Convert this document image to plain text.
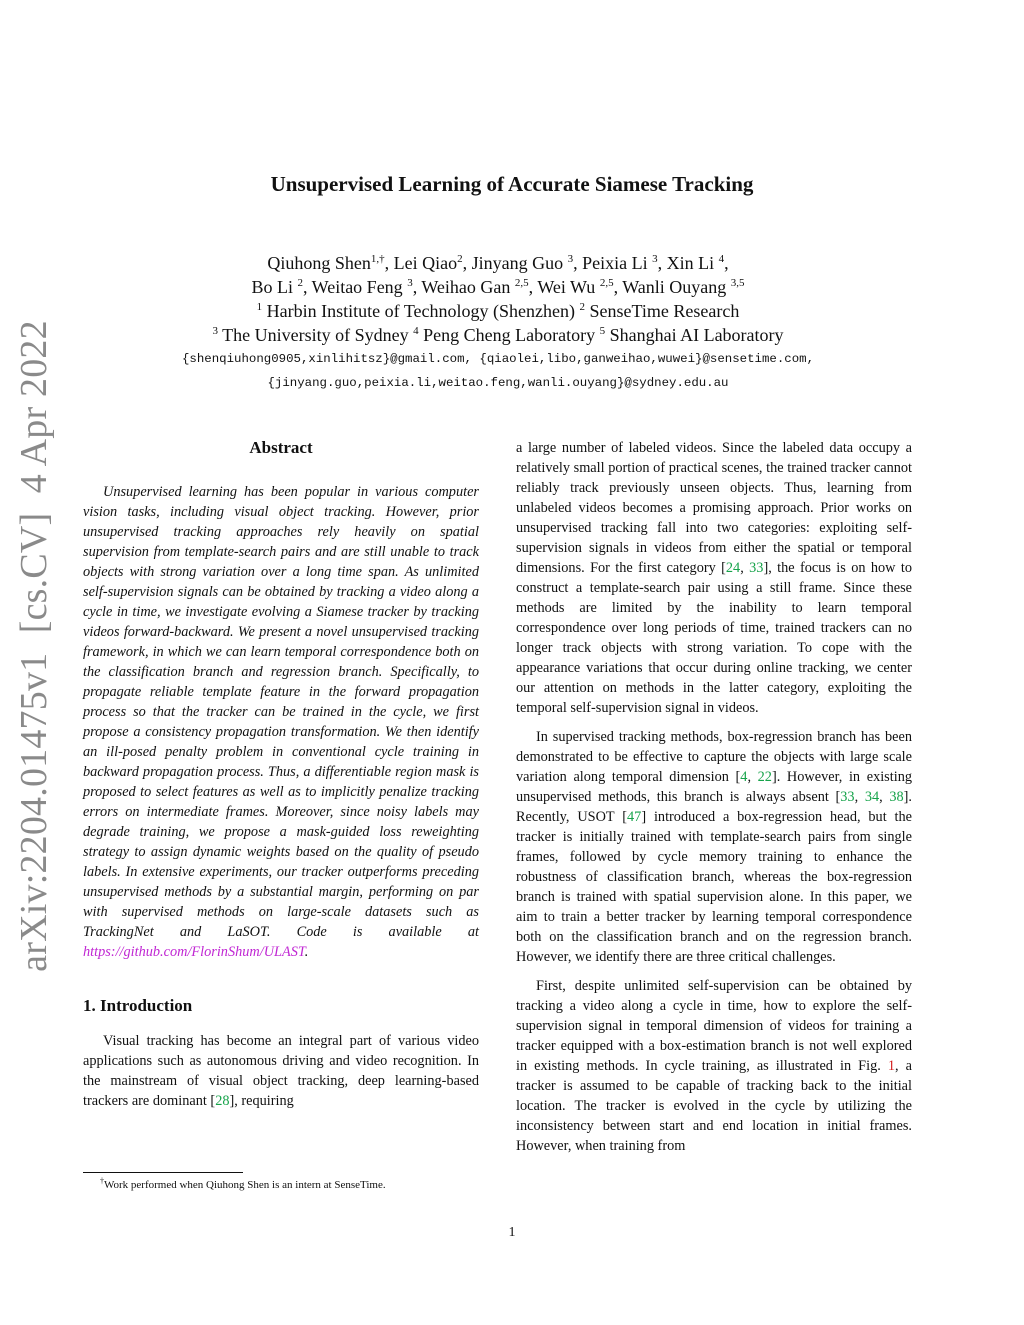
arXiv:2204.01475v1  [cs.CV]  4 Apr 2022
Unsupervised Learning of Accurate Siamese Tracking
Qiuhong Shen$^{1,\dagger}$, Lei Qiao$^2$, Jinyang Guo $^3$, Peixia Li $^3$, Xin Li $^4$,
Bo Li $^2$, Weitao Feng $^3$, Weihao Gan $^{2,5}$, Wei Wu $^{2,5}$, Wanli Ouyang $^{3,5}$
$^1$ Harbin Institute of Technology (Shenzhen) $^2$ SenseTime Research
$^3$ The University of Sydney $^4$ Peng Cheng Laboratory $^5$ Shanghai AI Laboratory
{shenqiuhong0905,xinlihitsz}@gmail.com, {qiaolei,libo,ganweihao,wuwei}@sensetime.com,
{jinyang.guo,peixia.li,weitao.feng,wanli.ouyang}@sydney.edu.au
Abstract

Unsupervised learning has been popular in various computer vision tasks, including visual object tracking. However, prior unsupervised tracking approaches rely heavily on spatial supervision from template-search pairs and are still unable to track objects with strong variation over a long time span. As unlimited self-supervision signals can be obtained by tracking a video along a cycle in time, we investigate evolving a Siamese tracker by tracking videos forward-backward. We present a novel unsupervised tracking framework, in which we can learn temporal correspondence both on the classification branch and regression branch. Specifically, to propagate reliable template feature in the forward propagation process so that the tracker can be trained in the cycle, we first propose a consistency propagation transformation. We then identify an ill-posed penalty problem in conventional cycle training in backward propagation process. Thus, a differentiable region mask is proposed to select features as well as to implicitly penalize tracking errors on intermediate frames. Moreover, since noisy labels may degrade training, we propose a mask-guided loss reweighting strategy to assign dynamic weights based on the quality of pseudo labels. In extensive experiments, our tracker outperforms preceding unsupervised methods by a substantial margin, performing on par with supervised methods on large-scale datasets such as TrackingNet and LaSOT. Code is available at https://github.com/FlorinShum/ULAST.

1. Introduction

Visual tracking has become an integral part of various video applications such as autonomous driving and video recognition. In the mainstream of visual object tracking, deep learning-based trackers are dominant [28], requiring

a large number of labeled videos. Since the labeled data occupy a relatively small portion of practical scenes, the trained tracker cannot reliably track previously unseen objects. Thus, learning from unlabeled videos becomes a promising approach. Prior works on unsupervised tracking fall into two categories: exploiting self-supervision signals in videos from either the spatial or temporal dimensions. For the first category [24, 33], the focus is on how to construct a template-search pair using a still frame. Since these methods are limited by the inability to learn temporal correspondence over long periods of time, trained trackers can no longer track objects with strong variation. To cope with the appearance variations that occur during online tracking, we center our attention on methods in the latter category, exploiting the temporal self-supervision signal in videos.

In supervised tracking methods, box-regression branch has been demonstrated to be effective to capture the objects with large scale variation along temporal dimension [4, 22]. However, in existing unsupervised methods, this branch is always absent [33, 34, 38]. Recently, USOT [47] introduced a box-regression head, but the tracker is initially trained with template-search pairs from single frames, followed by cycle memory training to enhance the robustness of classification branch, whereas the box-regression branch is trained with spatial supervision alone. In this paper, we aim to train a better tracker by learning temporal correspondence both on the classification branch and on the regression branch. However, we identify there are three critical challenges.

First, despite unlimited self-supervision can be obtained by tracking a video along a cycle in time, how to explore the self-supervision signal in temporal dimension of videos for training a tracker equipped with a box-estimation branch is not well explored in existing methods. In cycle training, as illustrated in Fig. 1, a tracker is assumed to be capable of tracking back to the initial location. The tracker is evolved in the cycle by utilizing the inconsistency between start and end location in initial frames. However, when training from

†Work performed when Qiuhong Shen is an intern at SenseTime.
1
